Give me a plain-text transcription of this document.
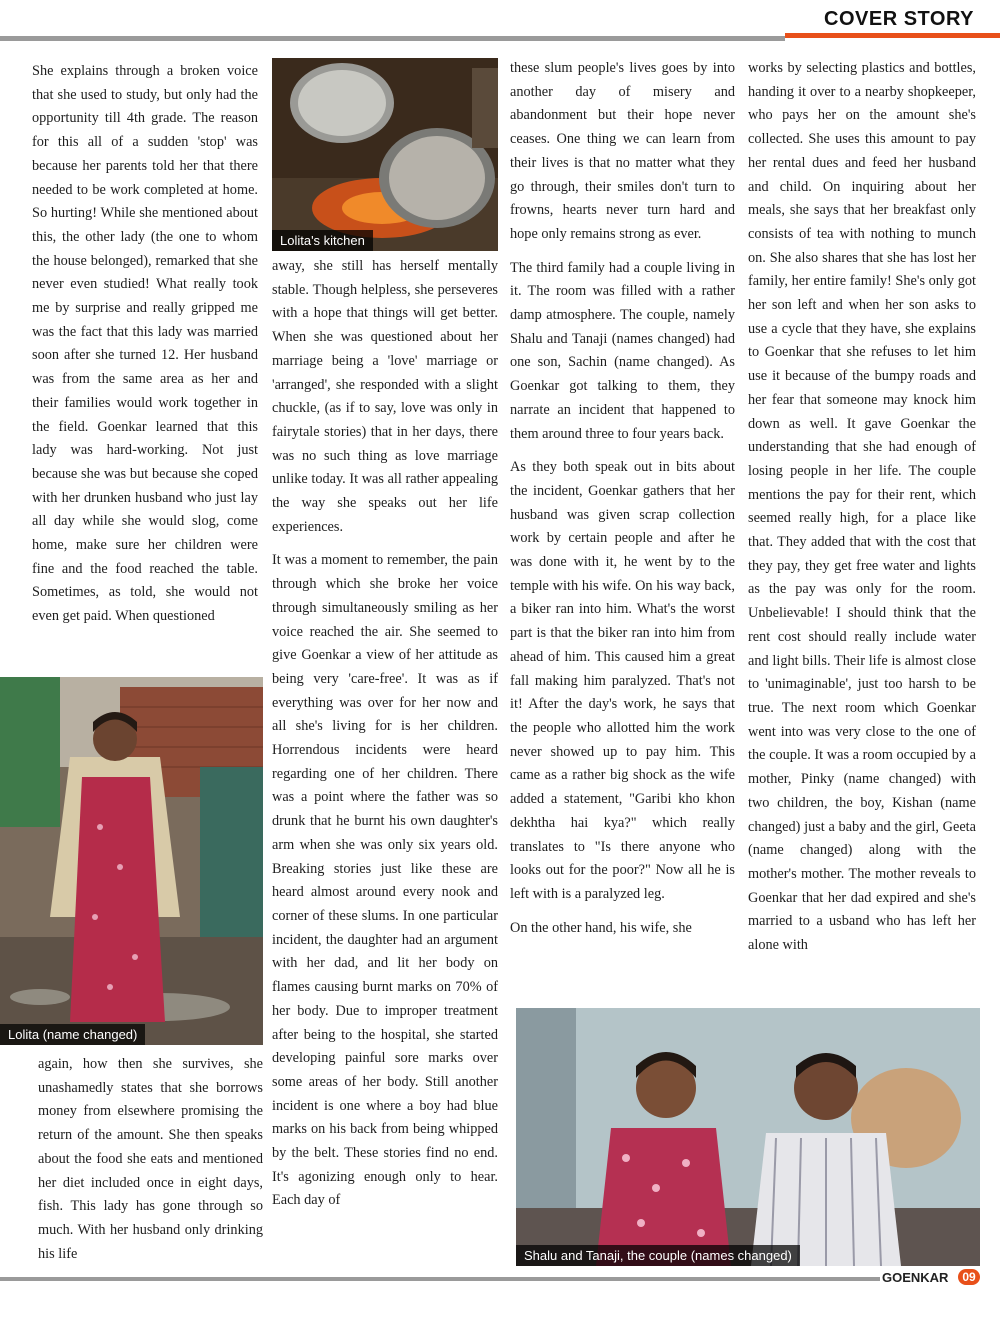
COVER STORY

She explains through a broken voice that she used to study, but only had the opportunity till 4th grade. The reason for this all of a sudden 'stop' was because her parents told her that there needed to be work completed at home. So hurting! While she mentioned about this, the other lady (the one to whom the house belonged), remarked that she never even studied! What really took me by surprise and really gripped me was the fact that this lady was married soon after she turned 12. Her husband was from the same area as her and their families would work together in the field. Goenkar learned that this lady was hard-working. Not just because she was but because she coped with her drunken husband who just lay all day while she would slog, come home, make sure her children were fine and the food reached the table. Sometimes, as told, she would not even get paid. When questioned

Lolita (name changed)

again, how then she survives, she unashamedly states that she borrows money from elsewhere promising the return of the amount. She then speaks about the food she eats and mentioned her diet included once in eight days, fish. This lady has gone through so much. With her husband only drinking his life

Lolita's kitchen

away, she still has herself mentally stable. Though helpless, she perseveres with a hope that things will get better. When she was questioned about her marriage being a 'love' marriage or 'arranged', she responded with a slight chuckle, (as if to say, love was only in fairytale stories) that in her days, there was no such thing as love marriage unlike today. It was all rather appealing the way she speaks out her life experiences.

It was a moment to remember, the pain through which she broke her voice through simultaneously smiling as her voice reached the air. She seemed to give Goenkar a view of her attitude as being very 'care-free'. It was as if everything was over for her now and all she's living for is her children. Horrendous incidents were heard regarding one of her children. There was a point where the father was so drunk that he burnt his own daughter's arm when she was only six years old. Breaking stories just like these are heard almost around every nook and corner of these slums. In one particular incident, the daughter had an argument with her dad, and lit her body on flames causing burnt marks on 70% of her body. Due to improper treatment after being to the hospital, she started developing painful sore marks over some areas of her body. Still another incident is one where a boy had blue marks on his back from being whipped by the belt. These stories find no end. It's agonizing enough only to hear. Each day of

these slum people's lives goes by into another day of misery and abandonment but their hope never ceases. One thing we can learn from their lives is that no matter what they go through, their smiles don't turn to frowns, hearts never turn hard and hope only remains strong as ever.

The third family had a couple living in it. The room was filled with a rather damp atmosphere. The couple, namely Shalu and Tanaji (names changed) had one son, Sachin (name changed). As Goenkar got talking to them, they narrate an incident that happened to them around three to four years back.

As they both speak out in bits about the incident, Goenkar gathers that her husband was given scrap collection work by certain people and after he was done with it, he went by to the temple with his wife. On his way back, a biker ran into him. What's the worst part is that the biker ran into him from ahead of him. This caused him a great fall making him paralyzed. That's not it! After the day's work, he says that the people who allotted him the work never showed up to pay him. This came as a rather big shock as the wife added a statement, "Garibi kho khon dekhtha hai kya?" which really translates to "Is there anyone who looks out for the poor?" Now all he is left with is a paralyzed leg.

On the other hand, his wife, she

works by selecting plastics and bottles, handing it over to a nearby shopkeeper, who pays her on the amount she's collected. She uses this amount to pay her rental dues and feed her husband and child. On inquiring about her meals, she says that her breakfast only consists of tea with nothing to munch on. She also shares that she has lost her family, her entire family! She's only got her son left and when her son asks to use a cycle that they have, she explains to Goenkar that she refuses to let him use it because of the bumpy roads and her fear that someone may knock him down as well. It gave Goenkar the understanding that she had enough of losing people in her life. The couple mentions the pay for their rent, which seemed really high, for a place like that. They added that with the cost that they pay, they get free water and lights as the pay was only for the room. Unbelievable! I should think that the rent cost should really include water and light bills. Their life is almost close to 'unimaginable', just too harsh to be true. The next room which Goenkar went into was very close to the one of the couple. It was a room occupied by a mother, Pinky (name changed) with two children, the boy, Kishan (name changed) just a baby and the girl, Geeta (name changed) along with the mother's mother. The mother reveals to Goenkar that her dad expired and she's married to a usband who has left her alone with

Shalu and Tanaji, the couple (names changed)
GOENKAR	09
